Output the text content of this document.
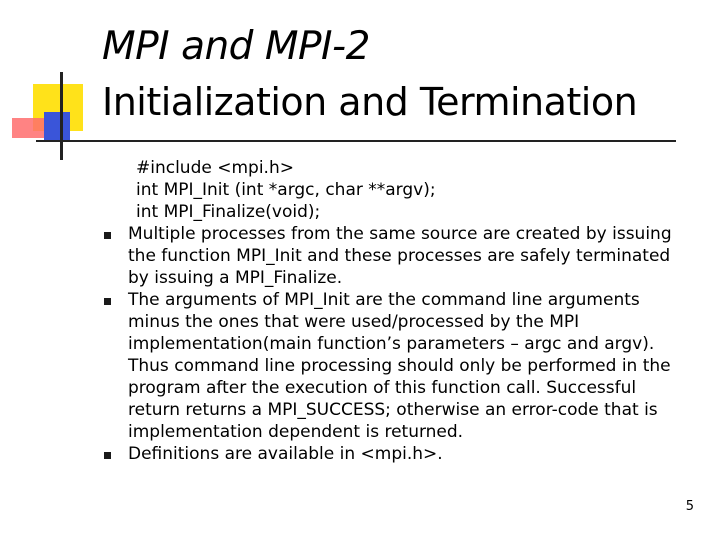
MPI and MPI-2
Initialization and Termination
#include <mpi.h>
int MPI_Init (int *argc, char **argv);
int MPI_Finalize(void);
Multiple processes from the same source are created by issuing the function MPI_Init and these processes are safely terminated by issuing a MPI_Finalize.
The arguments of MPI_Init are the command line arguments minus the ones that were used/processed by the MPI implementation(main function’s parameters – argc and argv). Thus command line processing should only be performed in the program after the execution of this function call. Successful return returns a MPI_SUCCESS; otherwise an error-code that is implementation dependent is returned.
Definitions are available in <mpi.h>.
5
